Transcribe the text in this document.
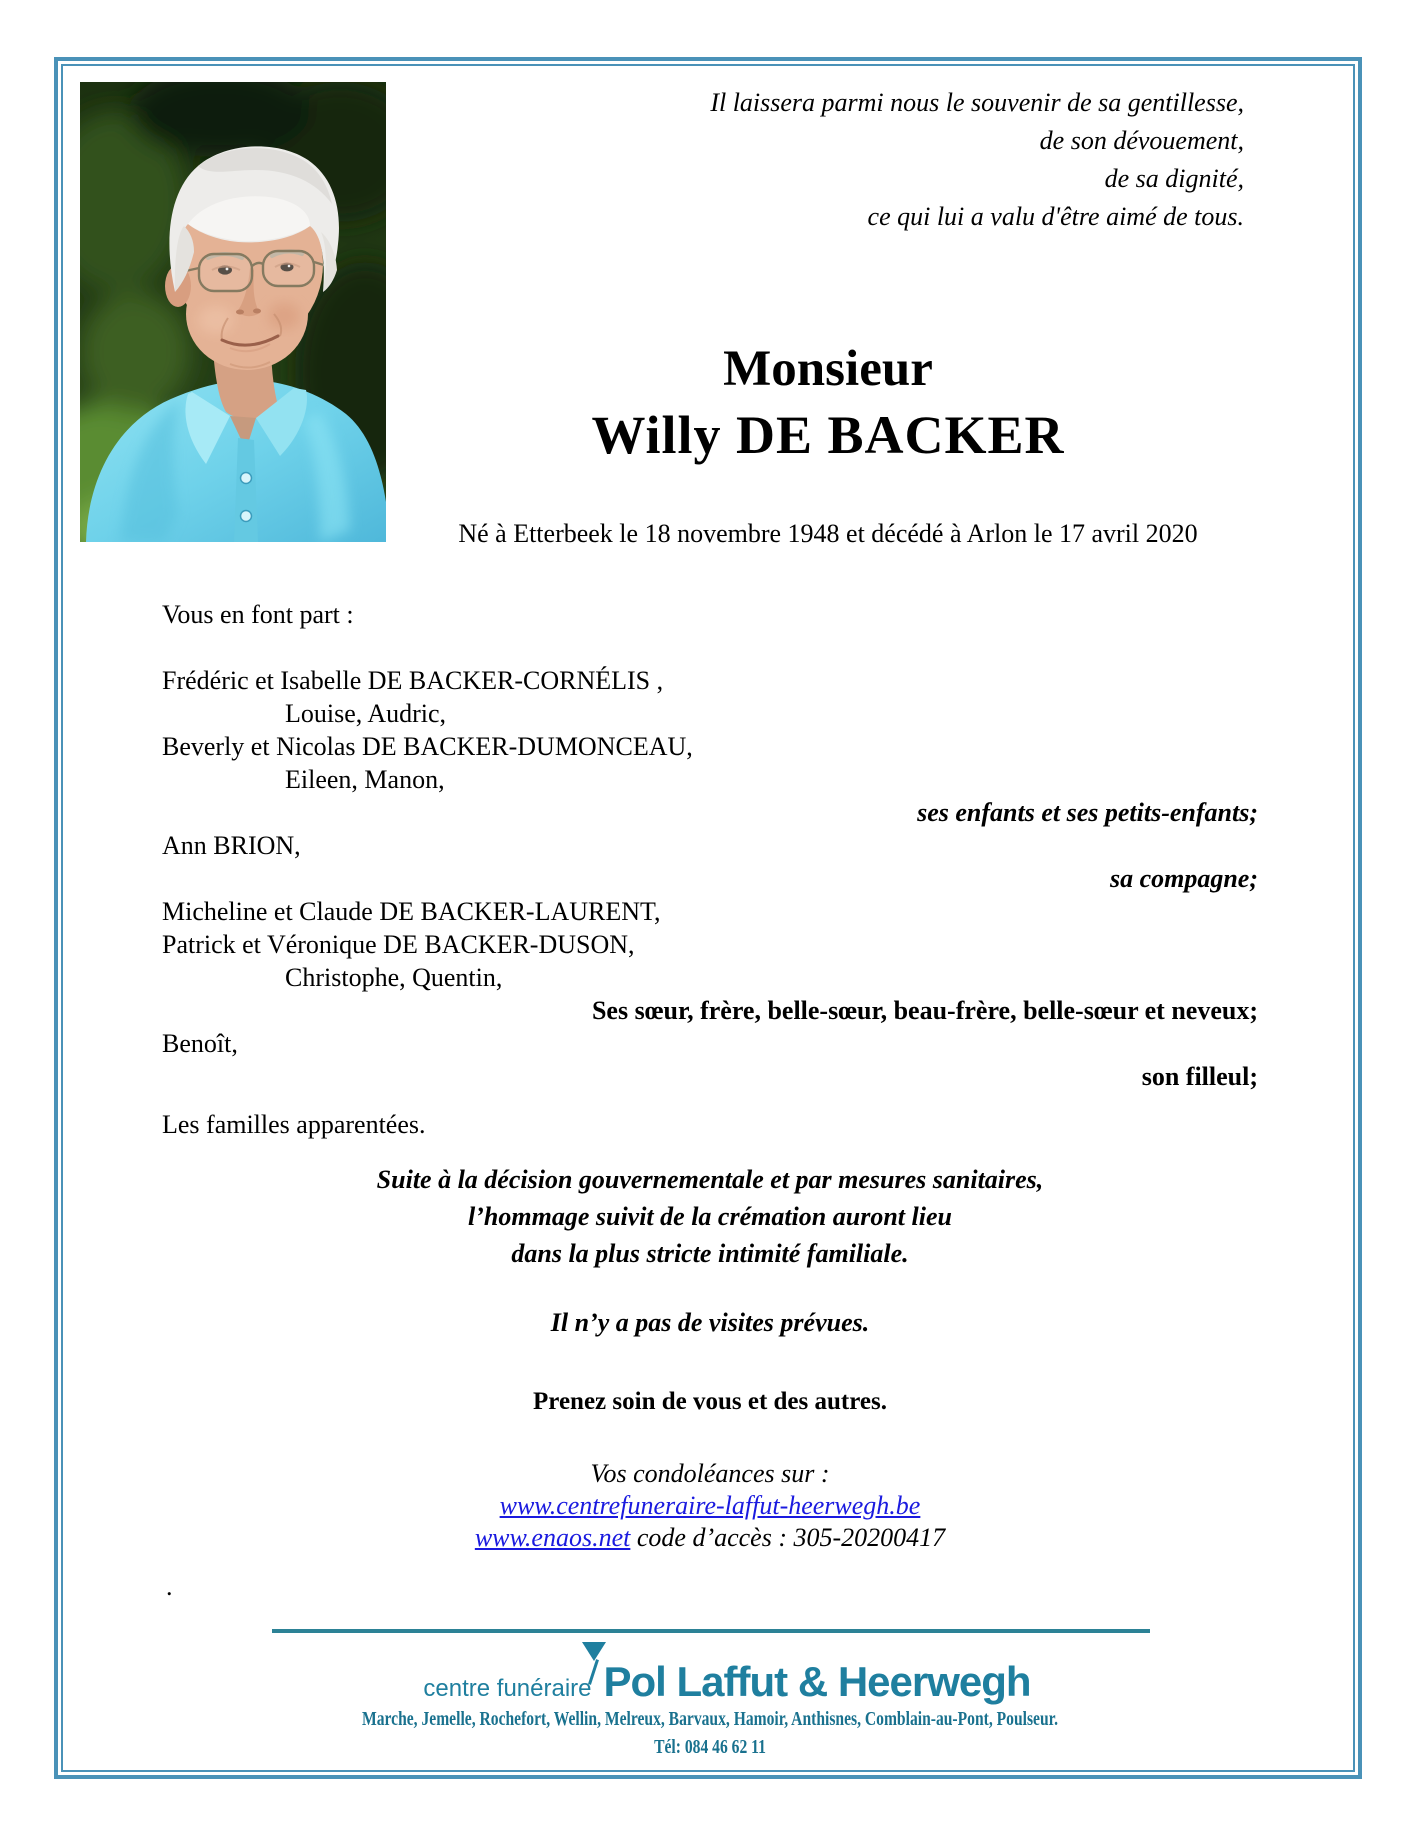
Il laissera parmi nous le souvenir de sa gentillesse,
de son dévouement,
de sa dignité,
ce qui lui a valu d'être aimé de tous.
Monsieur
Willy DE BACKER
Né à Etterbeek le 18 novembre 1948 et décédé à Arlon le 17 avril 2020
Vous en font part :
Frédéric et Isabelle DE BACKER-CORNÉLIS ,
Louise, Audric,
Beverly et Nicolas DE BACKER-DUMONCEAU,
Eileen, Manon,
ses enfants et ses petits-enfants;
Ann BRION,
sa compagne;
Micheline et Claude DE BACKER-LAURENT,
Patrick et Véronique DE BACKER-DUSON,
Christophe, Quentin,
Ses sœur, frère, belle-sœur, beau-frère, belle-sœur et neveux;
Benoît,
son filleul;
Les familles apparentées.
Suite à la décision gouvernementale et par mesures sanitaires,
l’hommage suivit de la crémation auront lieu
dans la plus stricte intimité familiale.
Il n’y a pas de visites prévues.
Prenez soin de vous et des autres.
Vos condoléances sur :
www.centrefuneraire-laffut-heerwegh.be
www.enaos.net code d’accès : 305-20200417
.
centre funéraire Pol Laffut & Heerwegh
Marche, Jemelle, Rochefort, Wellin, Melreux, Barvaux, Hamoir, Anthisnes, Comblain-au-Pont, Poulseur.
Tél: 084 46 62 11
